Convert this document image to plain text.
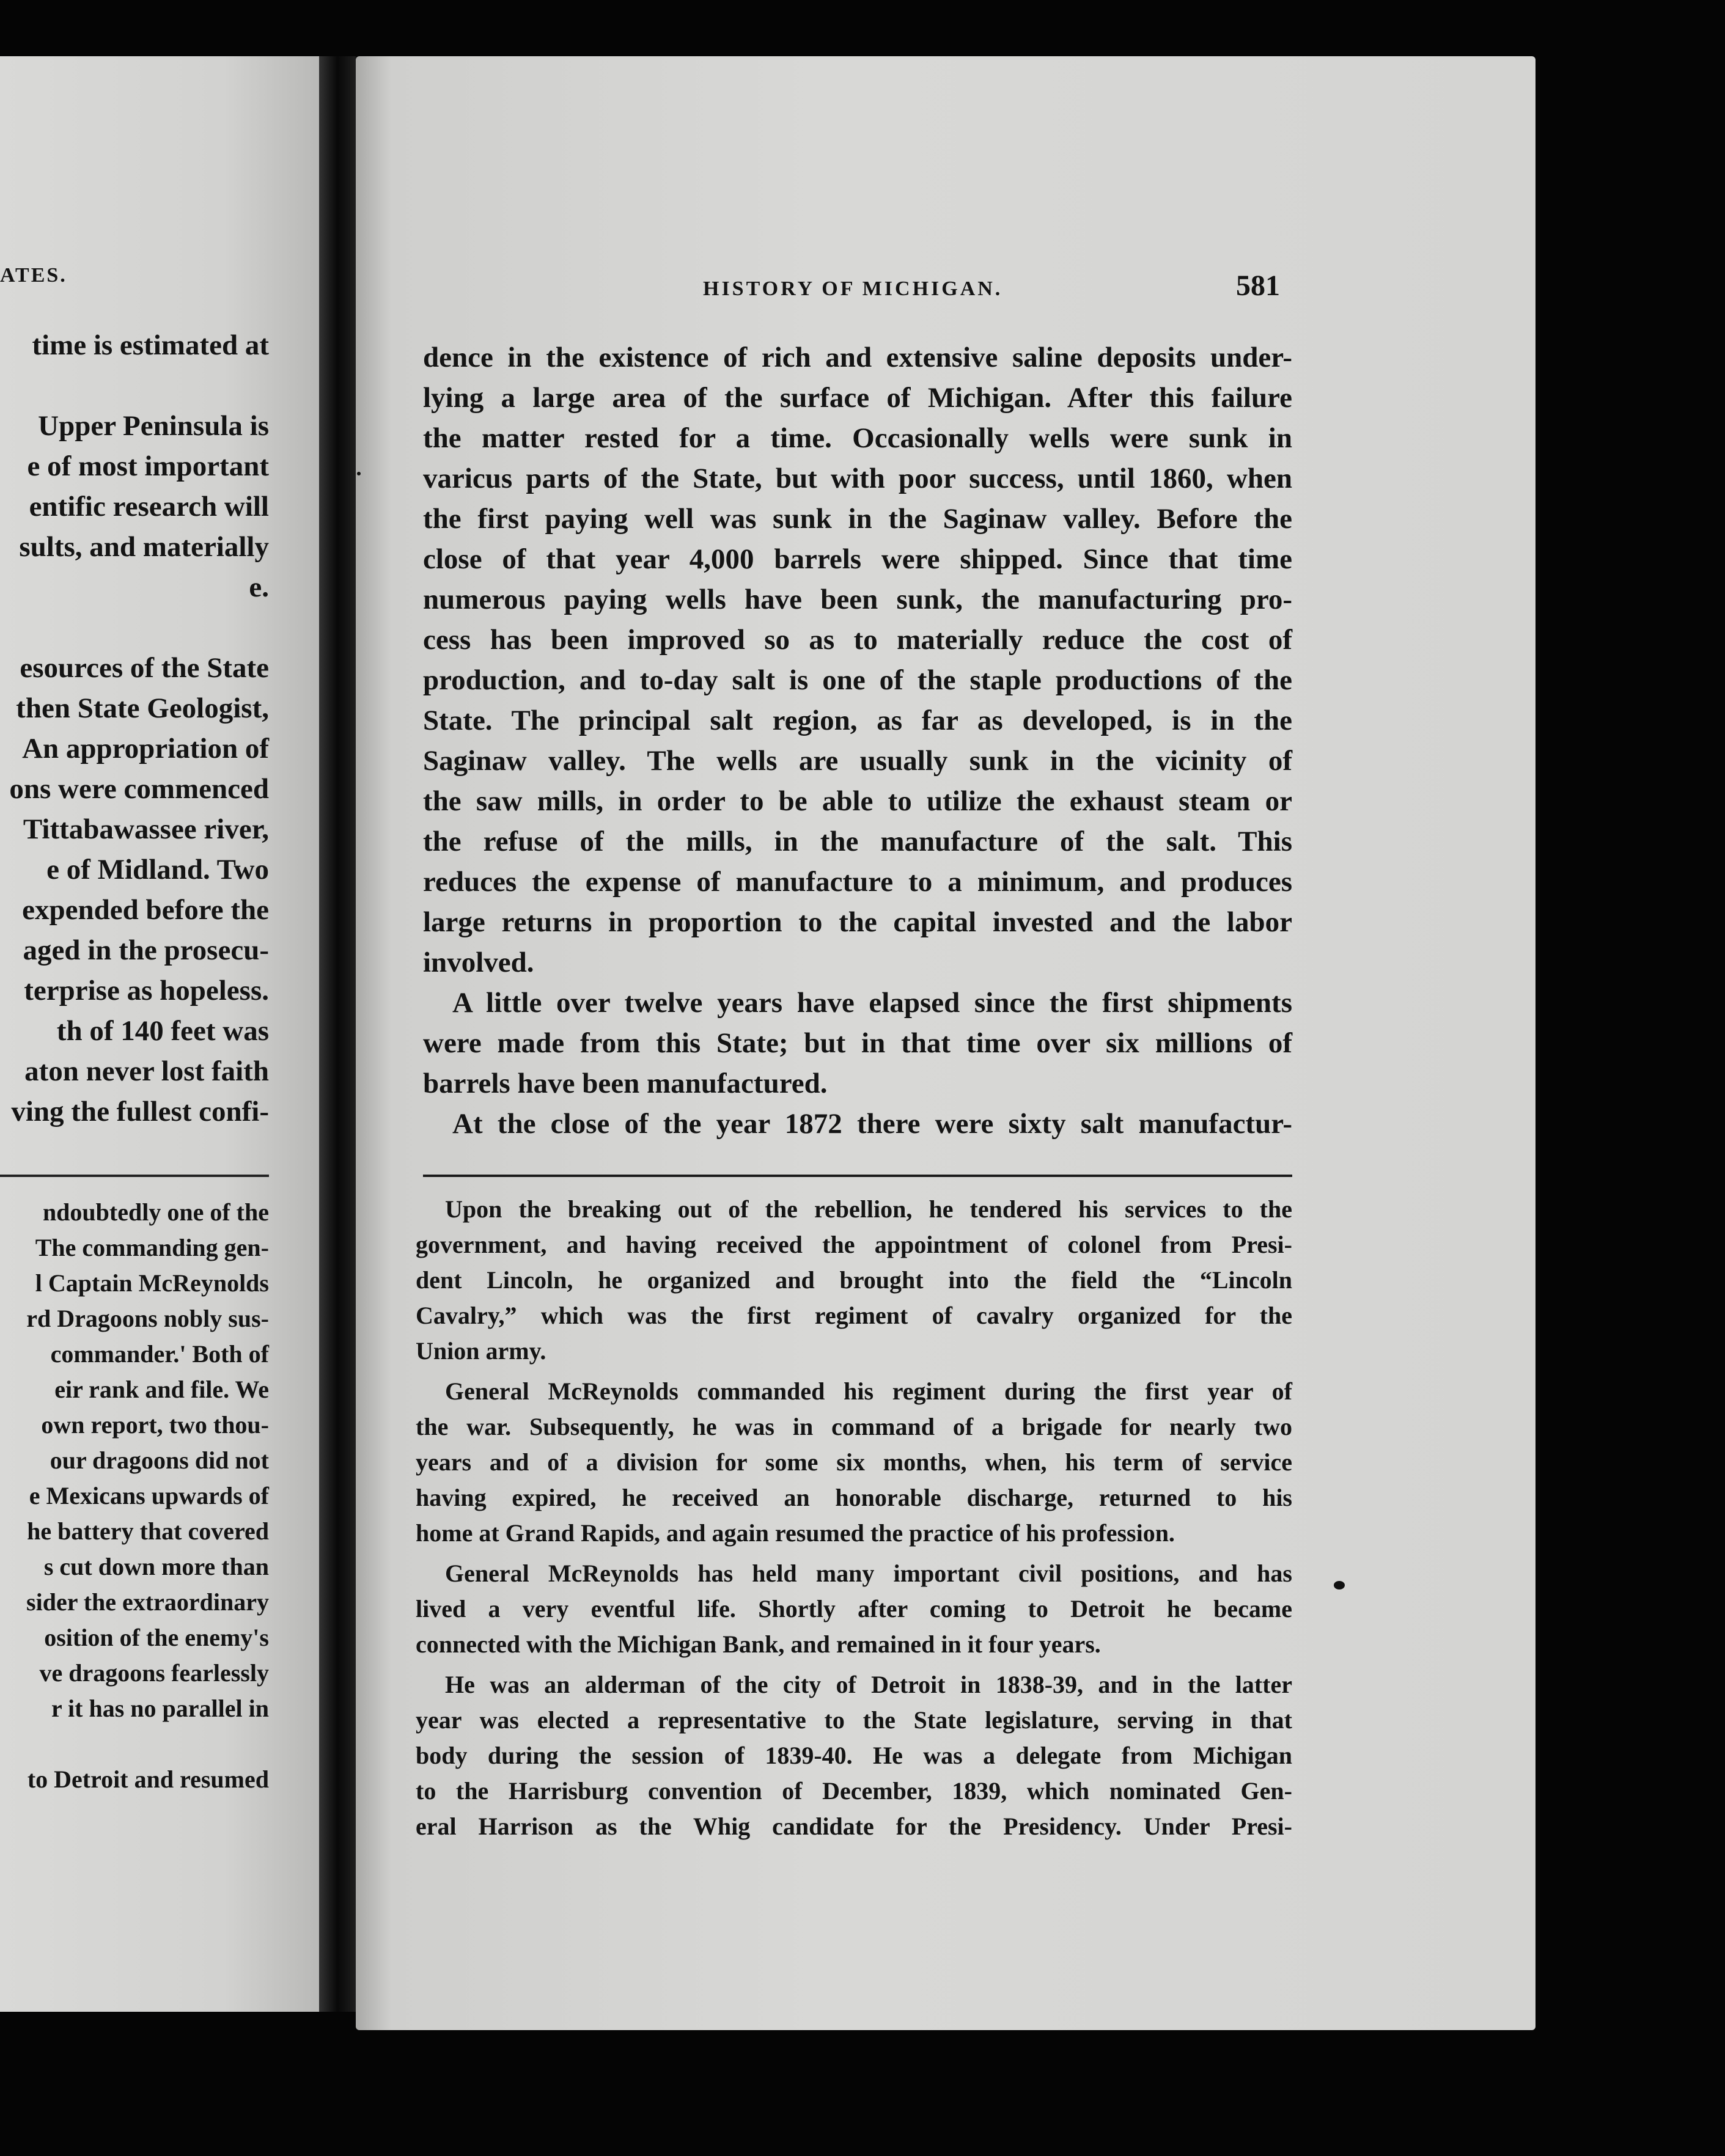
ATES.
time is estimated at
Upper Peninsula is
e of most important
entific research will
sults, and materially
e.
esources of the State
then State Geologist,
An appropriation of
ons were commenced
Tittabawassee river,
e of Midland. Two
expended before the
aged in the prosecu-
terprise as hopeless.
th of 140 feet was
aton never lost faith
ving the fullest confi-
ndoubtedly one of the
The commanding gen-
l Captain McReynolds
rd Dragoons nobly sus-
commander.' Both of
eir rank and file. We
own report, two thou-
our dragoons did not
e Mexicans upwards of
he battery that covered
s cut down more than
sider the extraordinary
osition of the enemy's
ve dragoons fearlessly
r it has no parallel in
to Detroit and resumed
HISTORY OF MICHIGAN.	581
dence in the existence of rich and extensive saline deposits under-
lying a large area of the surface of Michigan. After this failure
the matter rested for a time. Occasionally wells were sunk in
varicus parts of the State, but with poor success, until 1860, when
the first paying well was sunk in the Saginaw valley. Before the
close of that year 4,000 barrels were shipped. Since that time
numerous paying wells have been sunk, the manufacturing pro-
cess has been improved so as to materially reduce the cost of
production, and to-day salt is one of the staple productions of the
State. The principal salt region, as far as developed, is in the
Saginaw valley. The wells are usually sunk in the vicinity of
the saw mills, in order to be able to utilize the exhaust steam or
the refuse of the mills, in the manufacture of the salt. This
reduces the expense of manufacture to a minimum, and produces
large returns in proportion to the capital invested and the labor
involved.
A little over twelve years have elapsed since the first shipments
were made from this State; but in that time over six millions of
barrels have been manufactured.
At the close of the year 1872 there were sixty salt manufactur-

Upon the breaking out of the rebellion, he tendered his services to the
government, and having received the appointment of colonel from Presi-
dent Lincoln, he organized and brought into the field the “Lincoln
Cavalry,” which was the first regiment of cavalry organized for the
Union army.

General McReynolds commanded his regiment during the first year of
the war. Subsequently, he was in command of a brigade for nearly two
years and of a division for some six months, when, his term of service
having expired, he received an honorable discharge, returned to his
home at Grand Rapids, and again resumed the practice of his profession.

General McReynolds has held many important civil positions, and has
lived a very eventful life. Shortly after coming to Detroit he became
connected with the Michigan Bank, and remained in it four years.

He was an alderman of the city of Detroit in 1838-39, and in the latter
year was elected a representative to the State legislature, serving in that
body during the session of 1839-40. He was a delegate from Michigan
to the Harrisburg convention of December, 1839, which nominated Gen-
eral Harrison as the Whig candidate for the Presidency. Under Presi-
